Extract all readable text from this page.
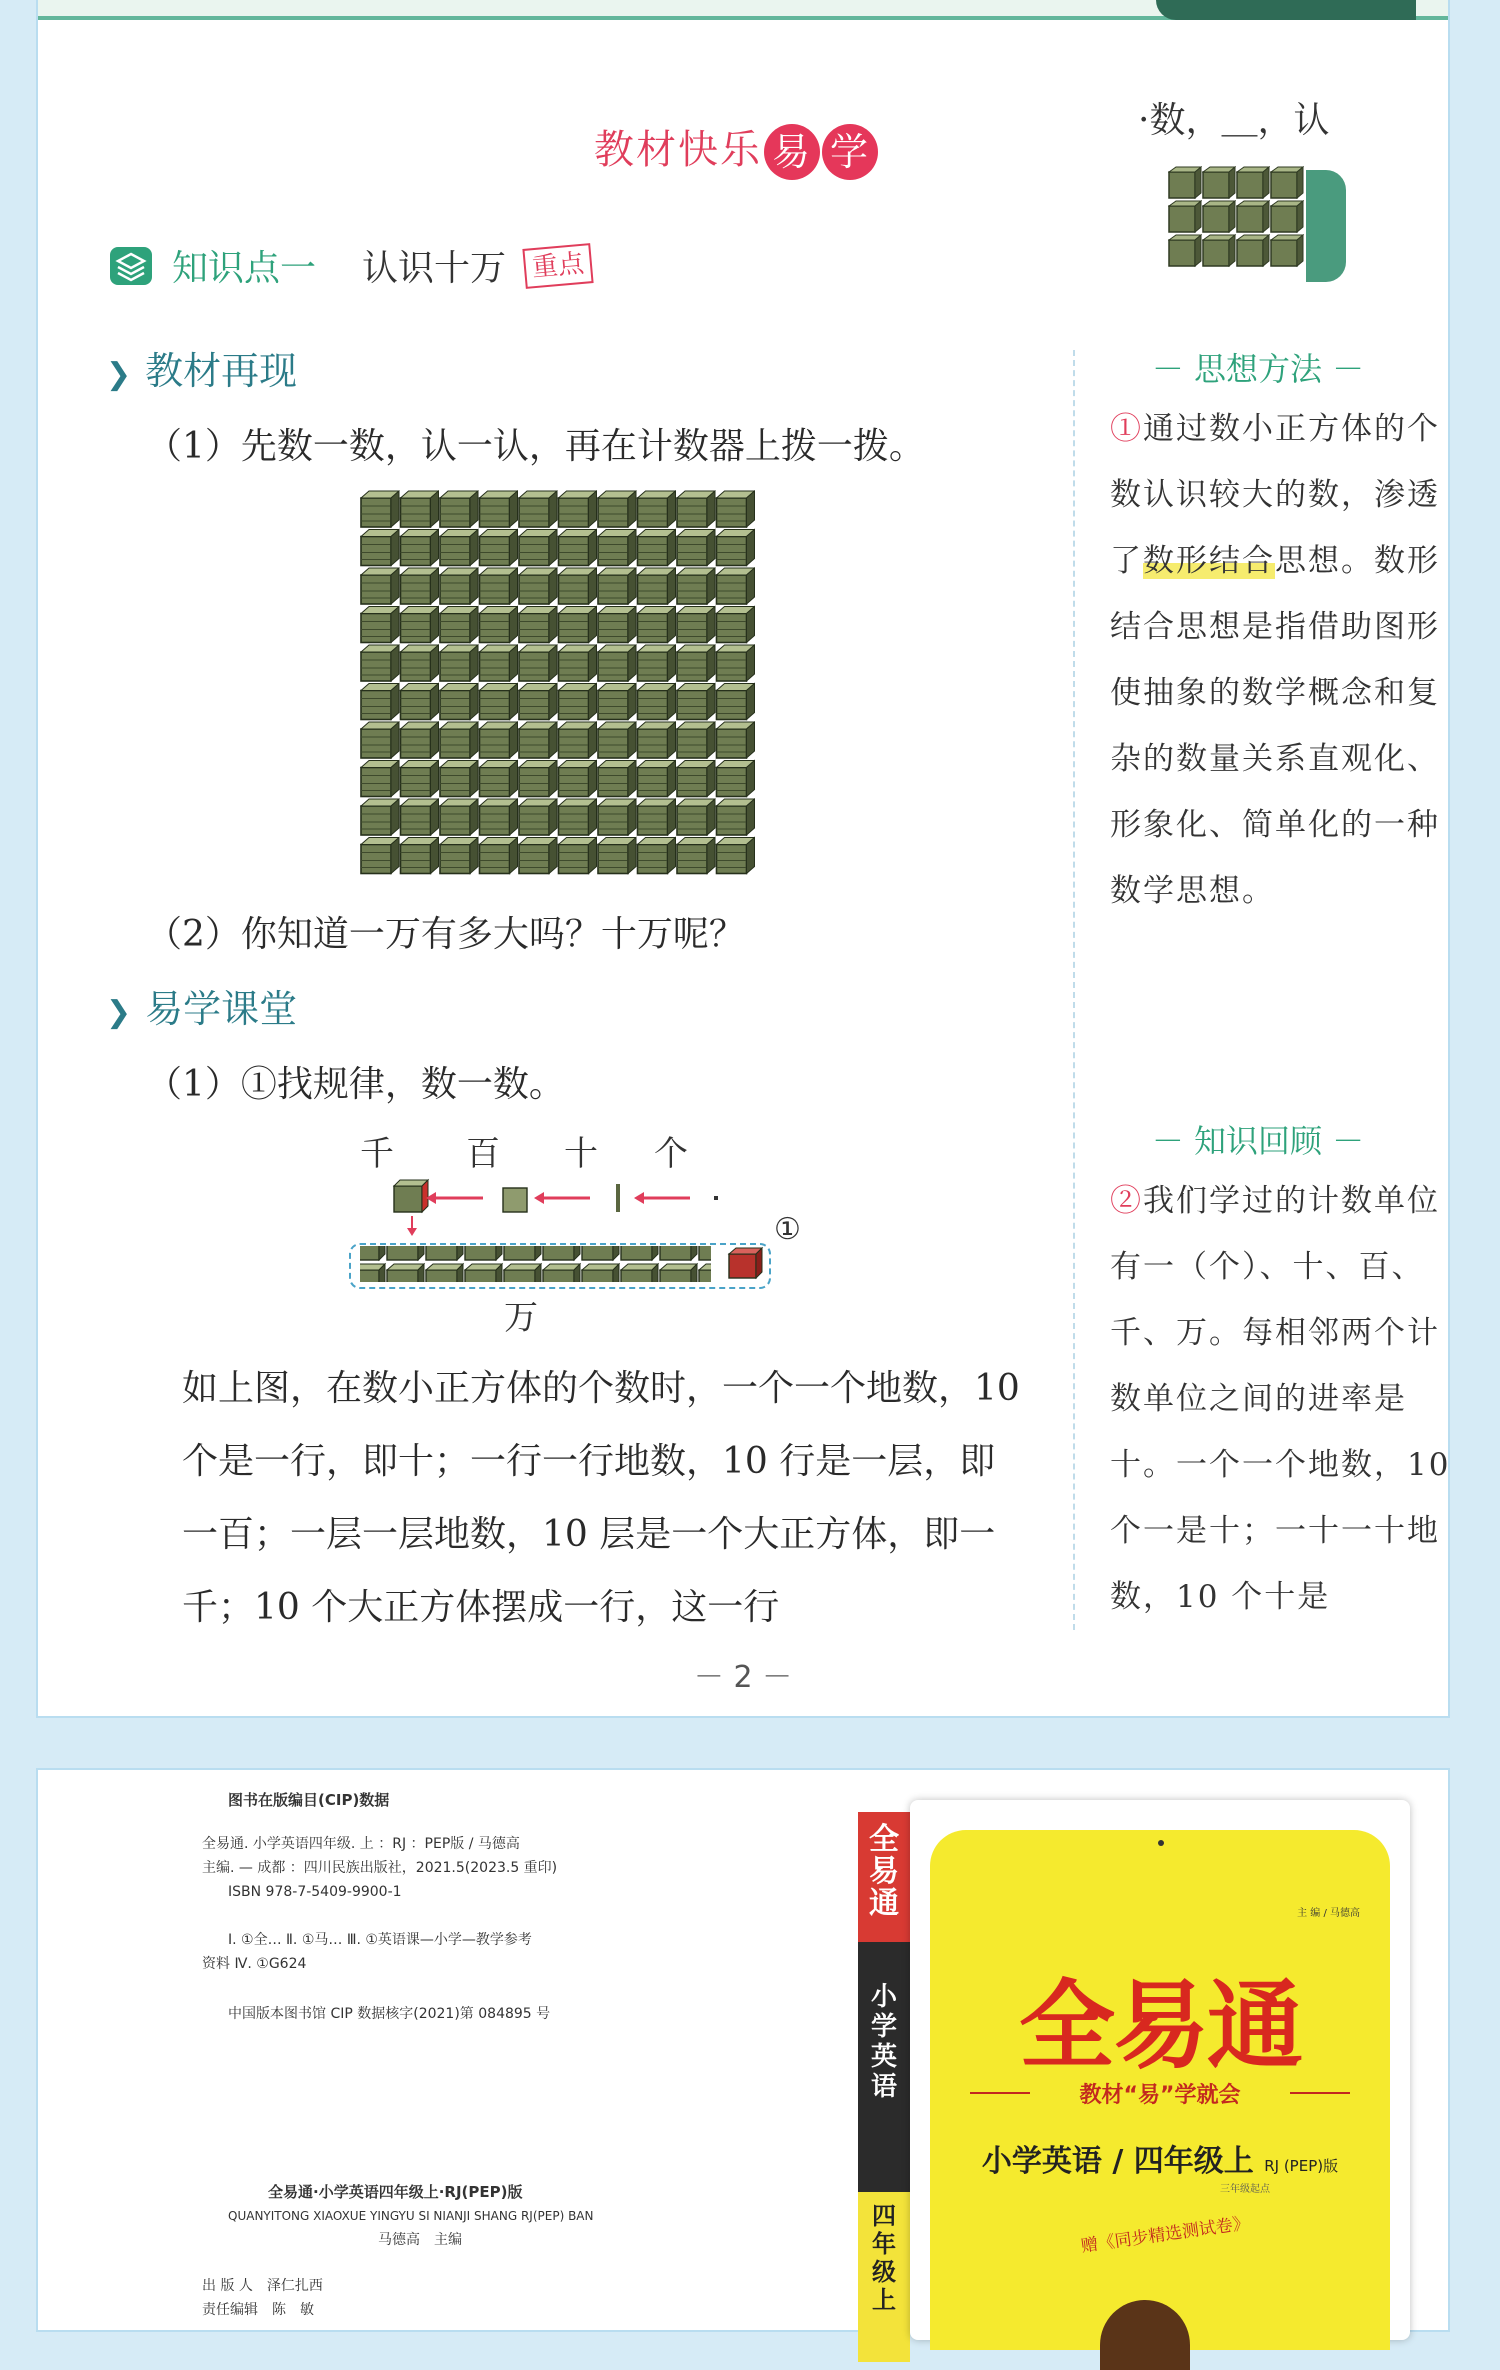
教材快乐 易 学
·数，＿，认
知识点一 认识十万 重点
❯ 教材再现
（1）先数一数，认一认，再在计数器上拨一拨。
（2）你知道一万有多大吗？十万呢？
❯ 易学课堂
（1）①找规律，数一数。
千 百 十 个
万
①
如上图，在数小正方体的个数时，一个一个地数，10 个是一行，即十；一行一行地数，10 行是一层，即一百；一层一层地数，10 层是一个大正方体，即一千；10 个大正方体摆成一行，这一行
－ 思想方法 －
①通过数小正方体的个数认识较大的数，渗透了数形结合思想。数形结合思想是指借助图形使抽象的数学概念和复杂的数量关系直观化、形象化、简单化的一种数学思想。
－ 知识回顾 －
②我们学过的计数单位有一（个）、十、百、千、万。每相邻两个计数单位之间的进率是十。一个一个地数，10 个一是十；一十一十地数，10 个十是
－ 2 －
图书在版编目(CIP)数据
全易通. 小学英语四年级. 上 ：RJ ：PEP版 / 马德高
主编. — 成都 ：四川民族出版社，2021.5(2023.5 重印)
ISBN 978-7-5409-9900-1
Ⅰ. ①全… Ⅱ. ①马… Ⅲ. ①英语课—小学—教学参考
资料 Ⅳ. ①G624
中国版本图书馆 CIP 数据核字(2021)第 084895 号
全易通·小学英语四年级上·RJ(PEP)版
QUANYITONG XIAOXUE YINGYU SI NIANJI SHANG RJ(PEP) BAN
马德高　主编
出 版 人　泽仁扎西
责任编辑　陈　敏
全易通
小学英语
四年级上
主 编 / 马德高
全易通
教材“易”学就会
小学英语 / 四年级上 RJ (PEP)版
三年级起点
赠《同步精选测试卷》
